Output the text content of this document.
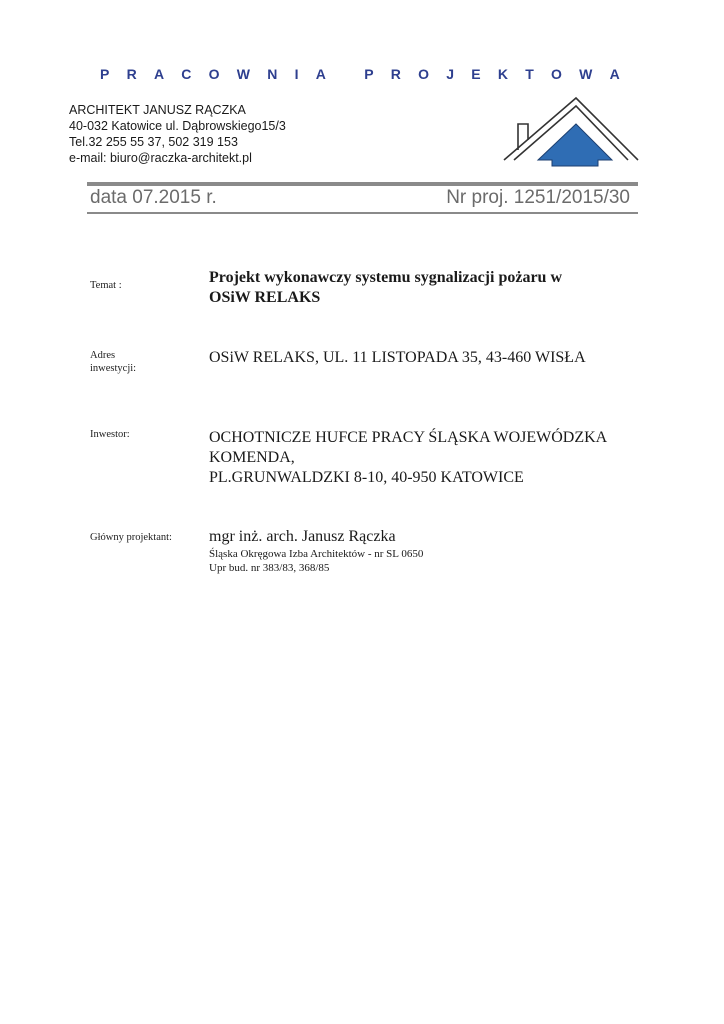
P R A C O W N I A
	P R O J E K T O W A
ARCHITEKT JANUSZ RĄCZKA
40-032 Katowice ul. Dąbrowskiego15/3
Tel.32 255 55 37, 502 319 153
e-mail: biuro@raczka-architekt.pl
data 07.2015 r.	Nr proj. 1251/2015/30
Temat :	Projekt wykonawczy systemu sygnalizacji pożaru w
OSiW RELAKS
Adres
inwestycji:
OSiW RELAKS, UL. 11 LISTOPADA 35, 43-460 WISŁA
Inwestor:	OCHOTNICZE HUFCE PRACY ŚLĄSKA WOJEWÓDZKA
KOMENDA,
PL.GRUNWALDZKI 8-10, 40-950 KATOWICE
Główny projektant: mgr inż. arch. Janusz Rączka
Śląska Okręgowa Izba Architektów - nr SL 0650
Upr bud. nr 383/83, 368/85
